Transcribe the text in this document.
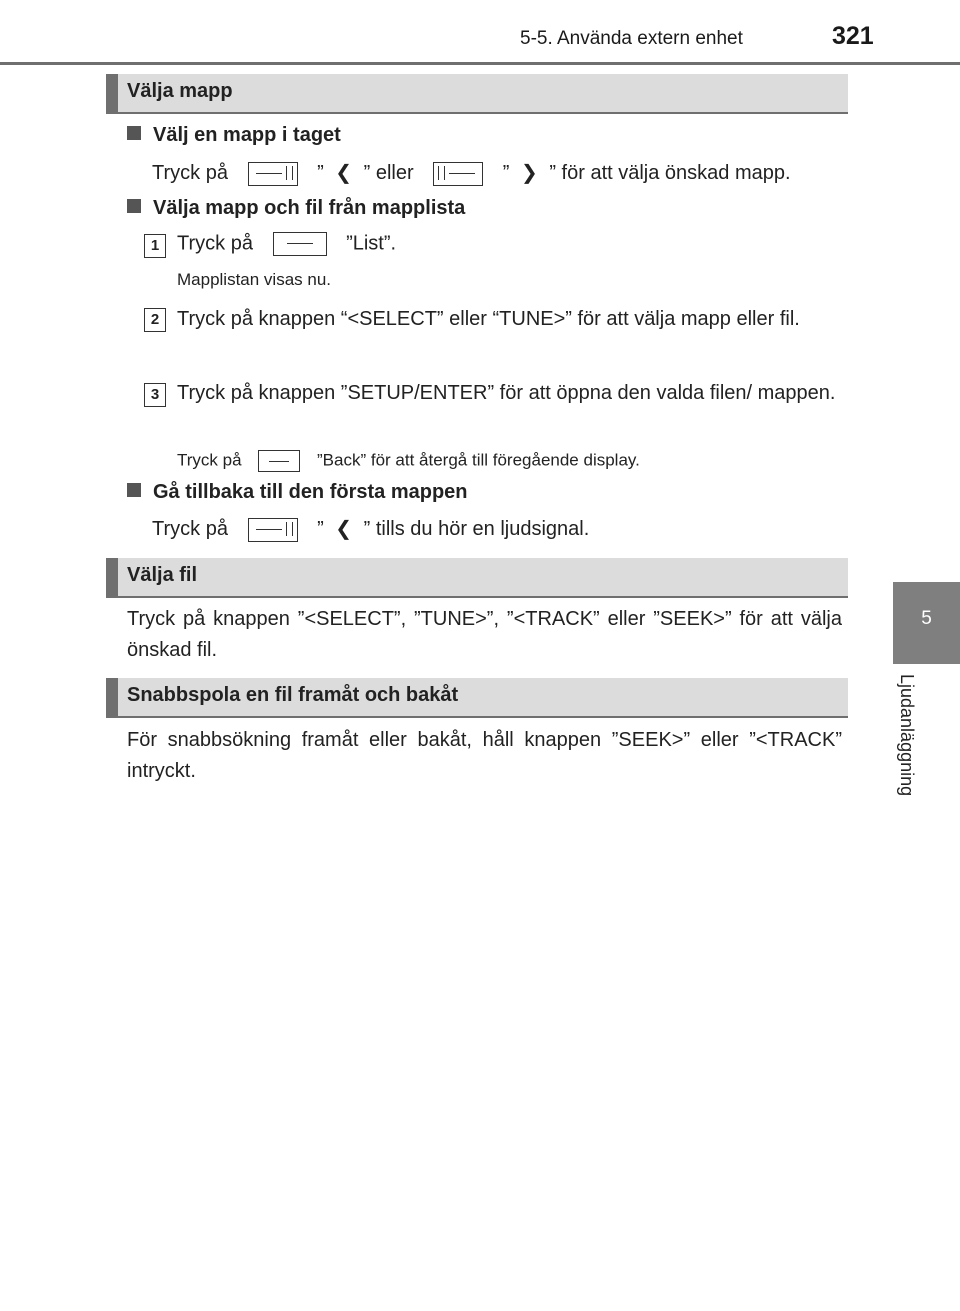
5-5. Använda extern enhet	321
5
Ljudanläggning
Välja mapp
Välj en mapp i taget
Tryck på	” ❮ ” eller	” ❯ ” för att välja önskad mapp.
Välja mapp och fil från mapplista
1 Tryck på	”List”.
Mapplistan visas nu.
2 Tryck på knappen “<SELECT” eller “TUNE>” för att välja mapp eller fil.
3 Tryck på knappen ”SETUP/ENTER” för att öppna den valda filen/ mappen.
Tryck på	”Back” för att återgå till föregående display.
Gå tillbaka till den första mappen
Tryck på	” ❮ ” tills du hör en ljudsignal.
Välja fil
Tryck på knappen ”<SELECT”, ”TUNE>”, ”<TRACK” eller ”SEEK>” för att välja önskad fil.
Snabbspola en fil framåt och bakåt
För snabbsökning framåt eller bakåt, håll knappen ”SEEK>” eller ”<TRACK” intryckt.
